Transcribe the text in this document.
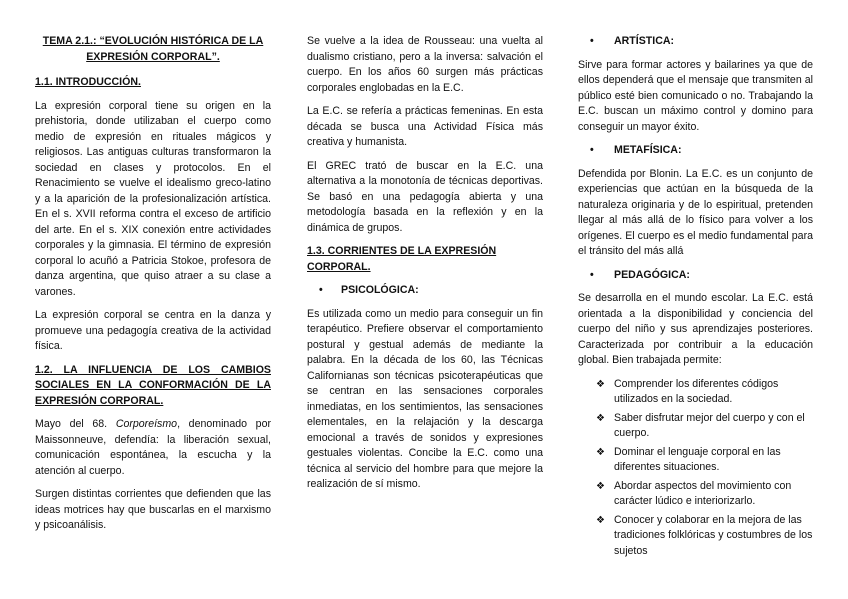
TEMA 2.1.: “EVOLUCIÓN HISTÓRICA DE LA EXPRESIÓN CORPORAL”.
1.1. INTRODUCCIÓN.

La expresión corporal tiene su origen en la prehistoria, donde utilizaban el cuerpo como medio de expresión en rituales mágicos y religiosos. Las antiguas culturas transformaron la sociedad en clases y protocolos. En el Renacimiento se vuelve el idealismo greco-latino y a la aparición de la profesionalización artística. En el s. XVII reforma contra el exceso de artificio del arte. En el s. XIX conexión entre actividades corporales y la gimnasia. El término de expresión corporal lo acuñó a Patricia Stokoe, profesora de danza argentina, que quiso atraer a su clase a varones.

La expresión corporal se centra en la danza y promueve una pedagogía creativa de la actividad física.

1.2. LA INFLUENCIA DE LOS CAMBIOS SOCIALES EN LA CONFORMACIÓN DE LA EXPRESIÓN CORPORAL.

Mayo del 68. Corporeísmo, denominado por Maissonneuve, defendía: la liberación sexual, comunicación espontánea, la escucha y la atención al cuerpo.

Surgen distintas corrientes que defienden que las ideas motrices hay que buscarlas en el marxismo y psicoanálisis.

Se vuelve a la idea de Rousseau: una vuelta al dualismo cristiano, pero a la inversa: salvación el cuerpo. En los años 60 surgen más prácticas corporales englobadas en la E.C.

La E.C. se refería a prácticas femeninas. En esta década se busca una Actividad Física más creativa y humanista.

El GREC trató de buscar en la E.C. una alternativa a la monotonía de técnicas deportivas. Se basó en una pedagogía abierta y una metodología basada en la reflexión y en la dinámica de grupos.

1.3. CORRIENTES DE LA EXPRESIÓN CORPORAL.
• PSICOLÓGICA:

Es utilizada como un medio para conseguir un fin terapéutico. Prefiere observar el comportamiento postural y gestual además de mediante la palabra. En la década de los 60, las Técnicas Californianas son técnicas psicoterapéuticas que se centran en las sensaciones corporales inmediatas, en los sentimientos, las sensaciones elementales, en la relajación y la descarga emocional a través de sonidos y expresiones gestuales violentas. Concibe la E.C. como una técnica al servicio del hombre para que mejore la realización de sí mismo.

• ARTÍSTICA:

Sirve para formar actores y bailarines ya que de ellos dependerá que el mensaje que transmiten al público esté bien comunicado o no. Trabajando la E.C. buscan un máximo control y domino para conseguir un mayor éxito.

• METAFÍSICA:

Defendida por Blonin. La E.C. es un conjunto de experiencias que actúan en la búsqueda de la naturaleza originaria y de lo espiritual, pretenden llegar al más allá de lo físico para volver a los orígenes. El cuerpo es el medio fundamental para el tránsito del más allá

• PEDAGÓGICA:

Se desarrolla en el mundo escolar. La E.C. está orientada a la disponibilidad y conciencia del cuerpo del niño y sus aprendizajes posteriores. Caracterizada por contribuir a la educación global. Bien trabajada permite:

❖ Comprender los diferentes códigos utilizados en la sociedad.
❖ Saber disfrutar mejor del cuerpo y con el cuerpo.
❖ Dominar el lenguaje corporal en las diferentes situaciones.
❖ Abordar aspectos del movimiento con carácter lúdico e interiorizarlo.
❖ Conocer y colaborar en la mejora de las tradiciones folklóricas y costumbres de los sujetos
